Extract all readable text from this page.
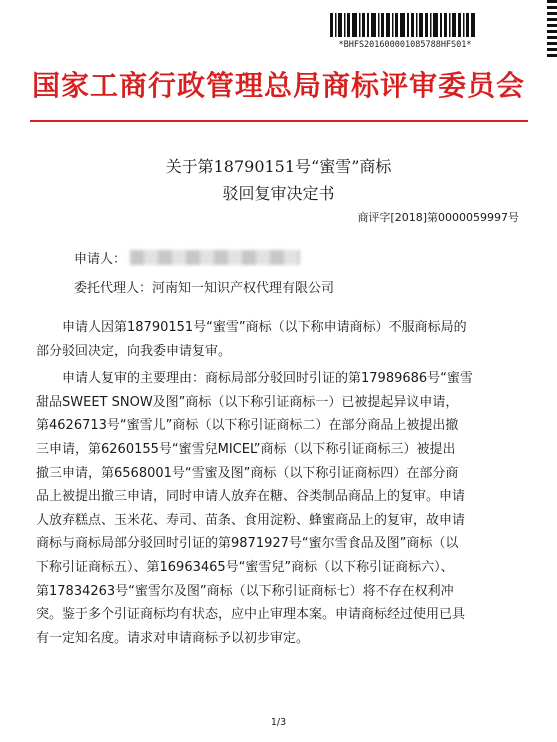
*BHFS201600001085788HFS01*
国家工商行政管理总局商标评审委员会
关于第18790151号“蜜雪”商标
驳回复审决定书
商评字[2018]第0000059997号
申请人：
委托代理人：河南知一知识产权代理有限公司

申请人因第18790151号“蜜雪”商标（以下称申请商标）不服商标局的
部分驳回决定，向我委申请复审。

申请人复审的主要理由：商标局部分驳回时引证的第17989686号“蜜雪
甜品SWEET SNOW及图”商标（以下称引证商标一）已被提起异议申请，
第4626713号“蜜雪儿”商标（以下称引证商标二）在部分商品上被提出撤
三申请，第6260155号“蜜雪兒MICEL”商标（以下称引证商标三）被提出
撤三申请，第6568001号“雪蜜及图”商标（以下称引证商标四）在部分商
品上被提出撤三申请，同时申请人放弃在糖、谷类制品商品上的复审。申请
人放弃糕点、玉米花、寿司、苗条、食用淀粉、蜂蜜商品上的复审，故申请
商标与商标局部分驳回时引证的第9871927号“蜜尔雪食品及图”商标（以
下称引证商标五）、第16963465号“蜜雪兒”商标（以下称引证商标六）、
第17834263号“蜜雪尔及图”商标（以下称引证商标七）将不存在权利冲
突。鉴于多个引证商标均有状态，应中止审理本案。申请商标经过使用已具
有一定知名度。请求对申请商标予以初步审定。

1/3
